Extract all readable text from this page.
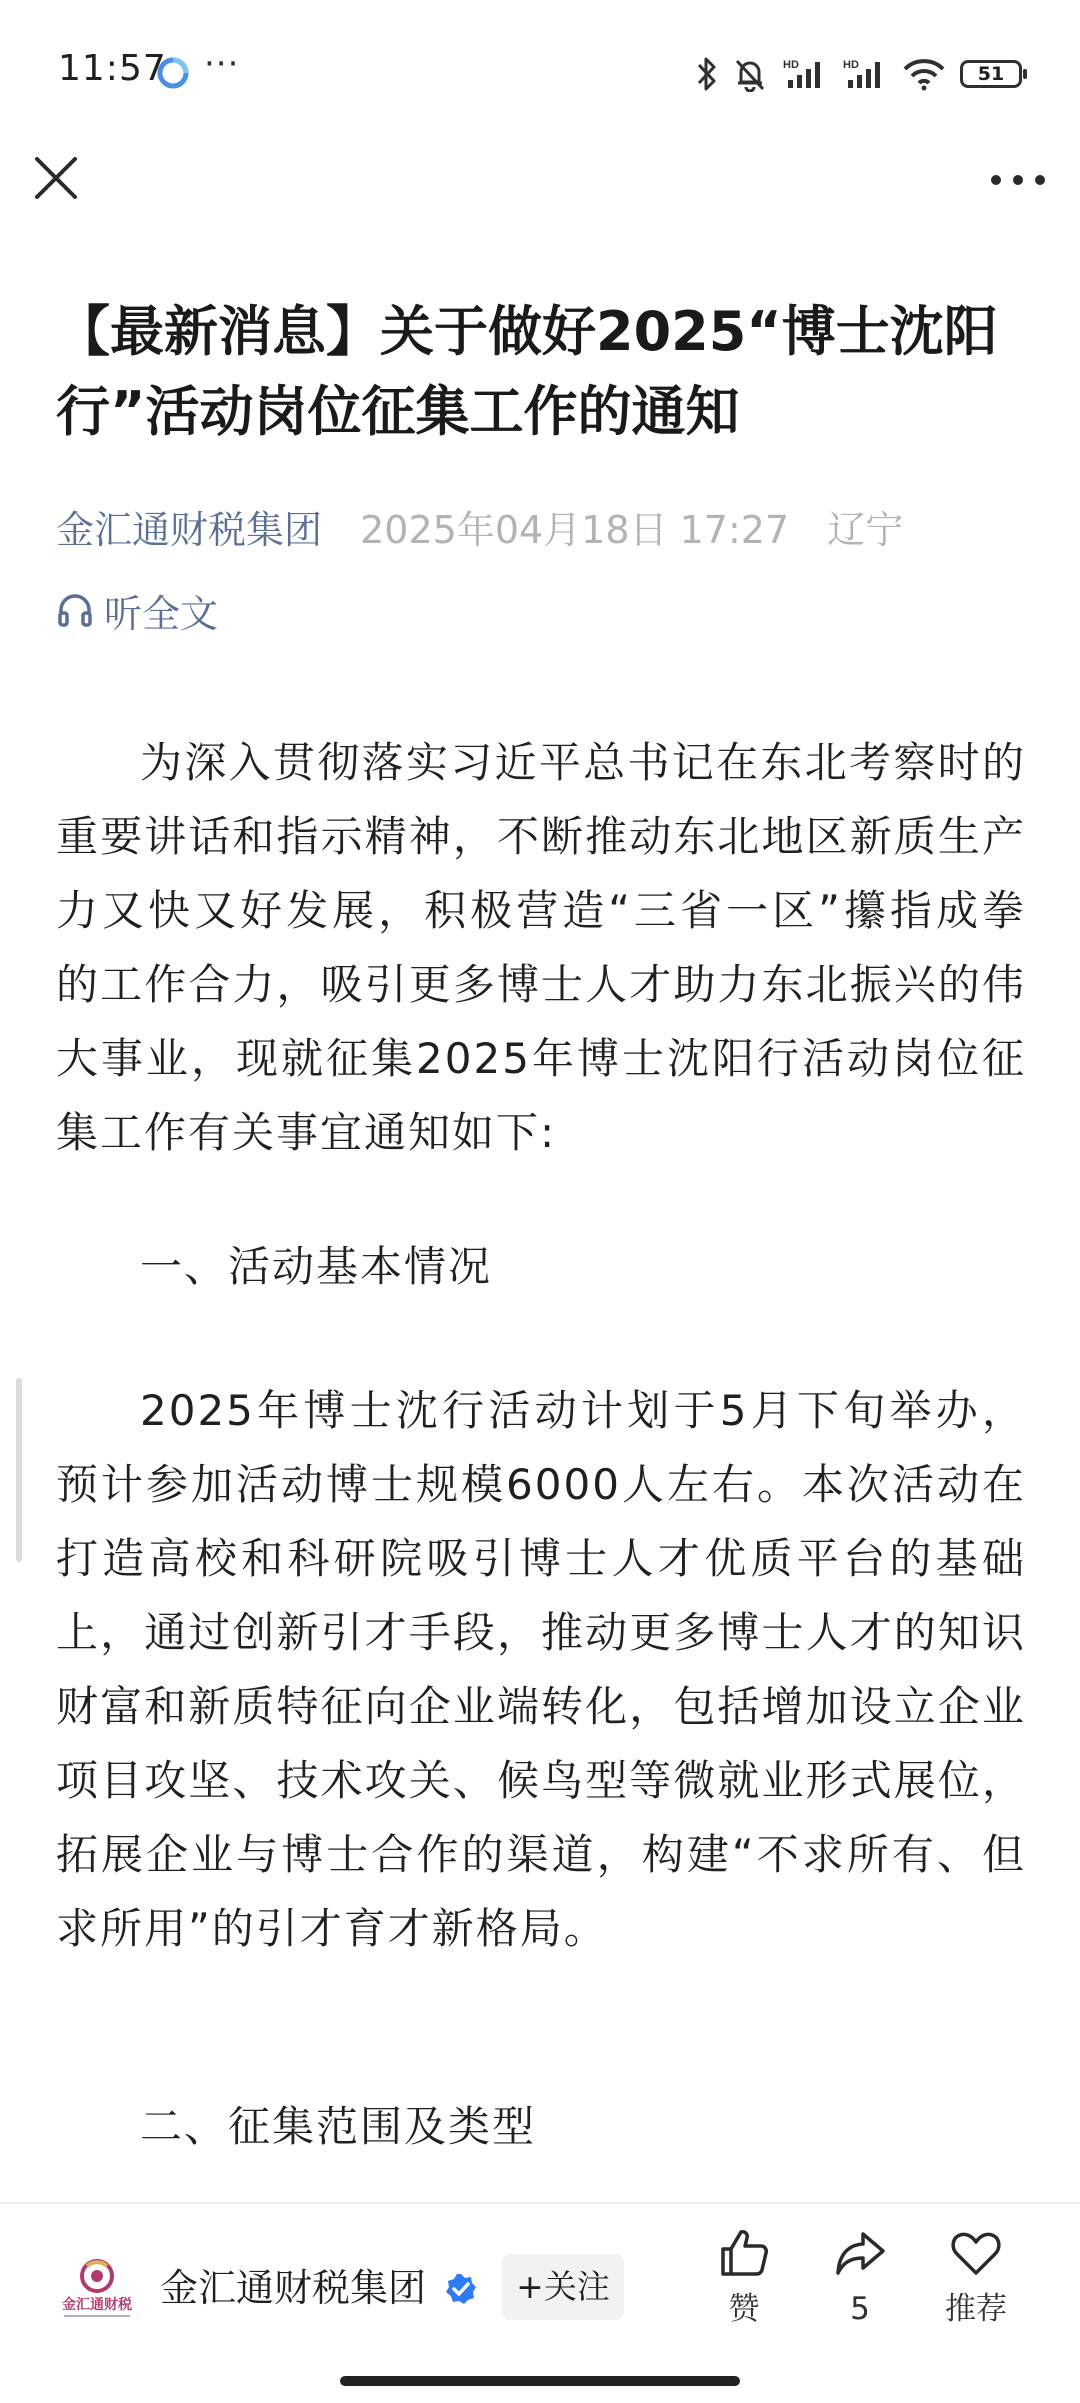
11:57 ···	HD	HD	51
【最新消息】关于做好2025“博士沈阳行”活动岗位征集工作的通知
金汇通财税集团 2025年04月18日 17:27 辽宁
听全文

为深入贯彻落实习近平总书记在东北考察时的重要讲话和指示精神，不断推动东北地区新质生产力又快又好发展，积极营造“三省一区”攥指成拳的工作合力，吸引更多博士人才助力东北振兴的伟大事业，现就征集2025年博士沈阳行活动岗位征集工作有关事宜通知如下:

一、活动基本情况

2025年博士沈行活动计划于5月下旬举办，预计参加活动博士规模6000人左右。本次活动在打造高校和科研院吸引博士人才优质平台的基础上，通过创新引才手段，推动更多博士人才的知识财富和新质特征向企业端转化，包括增加设立企业项目攻坚、技术攻关、候鸟型等微就业形式展位，拓展企业与博士合作的渠道，构建“不求所有、但求所用”的引才育才新格局。

二、征集范围及类型

金汇通财税 金汇通财税集团	+关注
赞	5	推荐
